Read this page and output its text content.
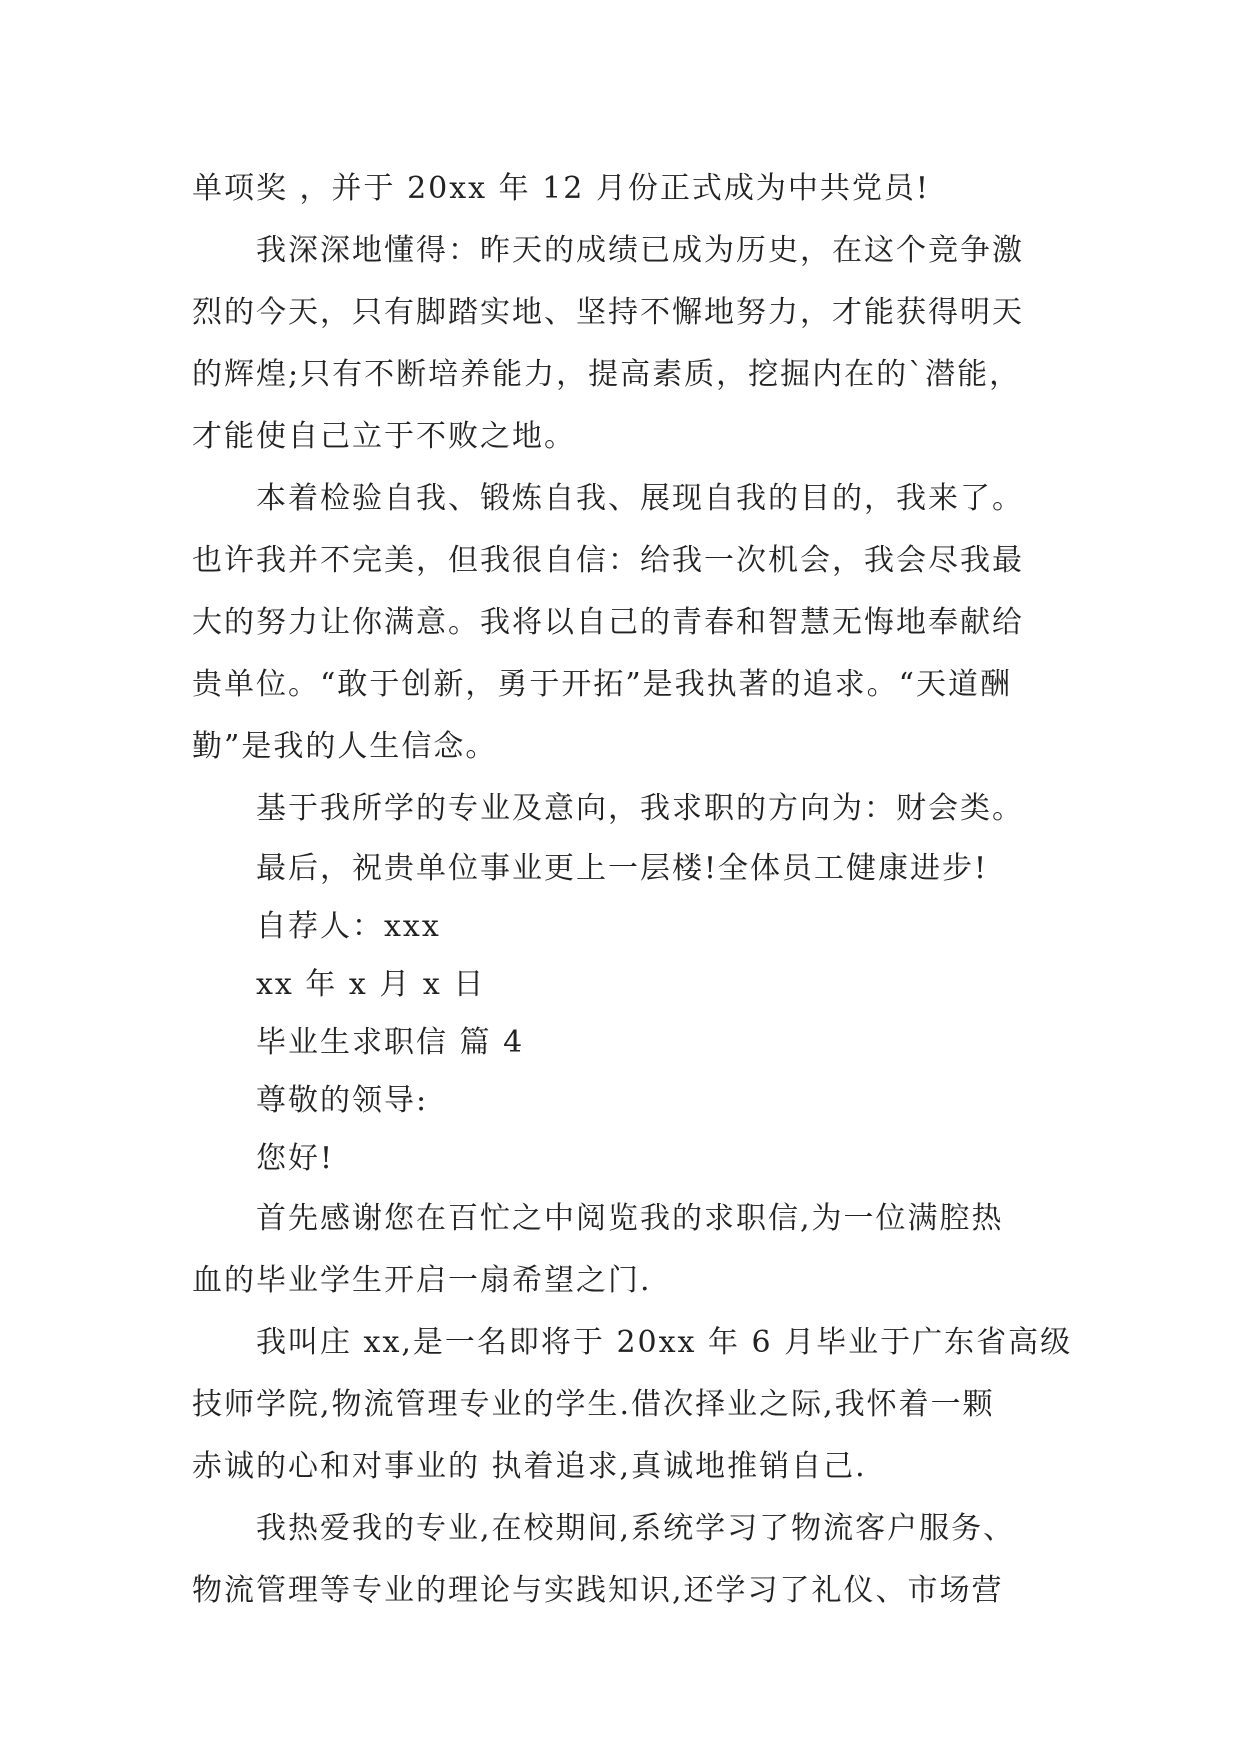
单项奖 ，并于 20xx 年 12 月份正式成为中共党员!
我深深地懂得：昨天的成绩已成为历史，在这个竞争激
烈的今天，只有脚踏实地、坚持不懈地努力，才能获得明天
的辉煌;只有不断培养能力，提高素质，挖掘内在的`潜能，
才能使自己立于不败之地。
本着检验自我、锻炼自我、展现自我的目的，我来了。
也许我并不完美，但我很自信：给我一次机会，我会尽我最
大的努力让你满意。我将以自己的青春和智慧无悔地奉献给
贵单位。“敢于创新，勇于开拓”是我执著的追求。“天道酬
勤”是我的人生信念。
基于我所学的专业及意向，我求职的方向为：财会类。
最后，祝贵单位事业更上一层楼!全体员工健康进步!
自荐人：xxx
xx 年 x 月 x 日
毕业生求职信 篇 4
尊敬的领导:
您好!
首先感谢您在百忙之中阅览我的求职信,为一位满腔热
血的毕业学生开启一扇希望之门.
我叫庄 xx,是一名即将于 20xx 年 6 月毕业于广东省高级
技师学院,物流管理专业的学生.借次择业之际,我怀着一颗
赤诚的心和对事业的 执着追求,真诚地推销自己.
我热爱我的专业,在校期间,系统学习了物流客户服务、
物流管理等专业的理论与实践知识,还学习了礼仪、市场营
